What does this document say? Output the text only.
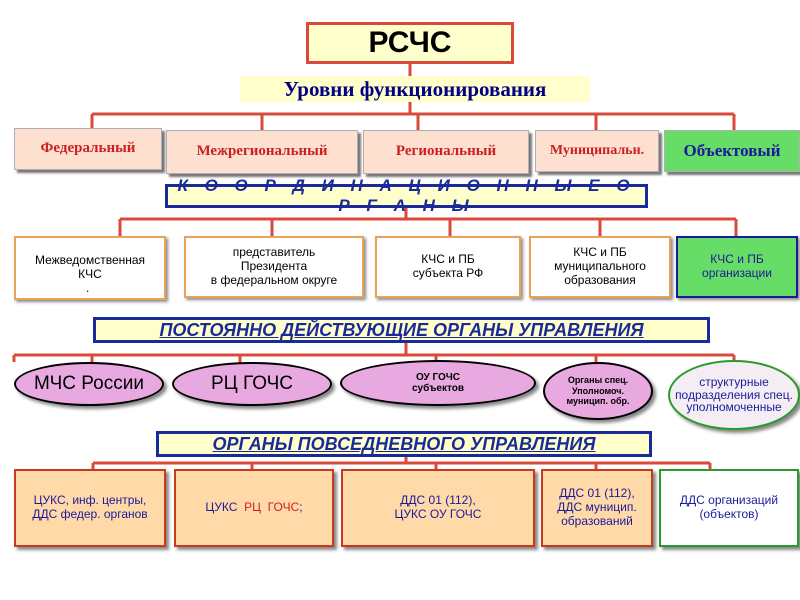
РСЧС
Уровни функционирования
Федеральный	Межрегиональный	Региональный	Муниципальн.	Объектовый
К О О Р Д И Н А Ц И О Н Н Ы Е О Р Г А Н Ы
Межведомственная
КЧС
.
представитель
Президента
в федеральном округе
КЧС и ПБ
субъекта РФ
КЧС и ПБ
муниципального
образования
КЧС и ПБ
организации
ПОСТОЯННО ДЕЙСТВУЮЩИЕ ОРГАНЫ УПРАВЛЕНИЯ
МЧС России	РЦ ГОЧС	ОУ ГОЧС
субъектов
Органы спец.
Уполномоч.
муницип. обр.
структурные
подразделения спец.
уполномоченные
ОРГАНЫ ПОВСЕДНЕВНОГО УПРАВЛЕНИЯ
ЦУКС, инф. центры,
ДДС федер. органов	ЦУКС РЦ  ГОЧС ;	ДДС 01 (112),
ЦУКС ОУ ГОЧС
ДДС 01 (112),
ДДС муницип.
образований
ДДС организаций
(объектов)
